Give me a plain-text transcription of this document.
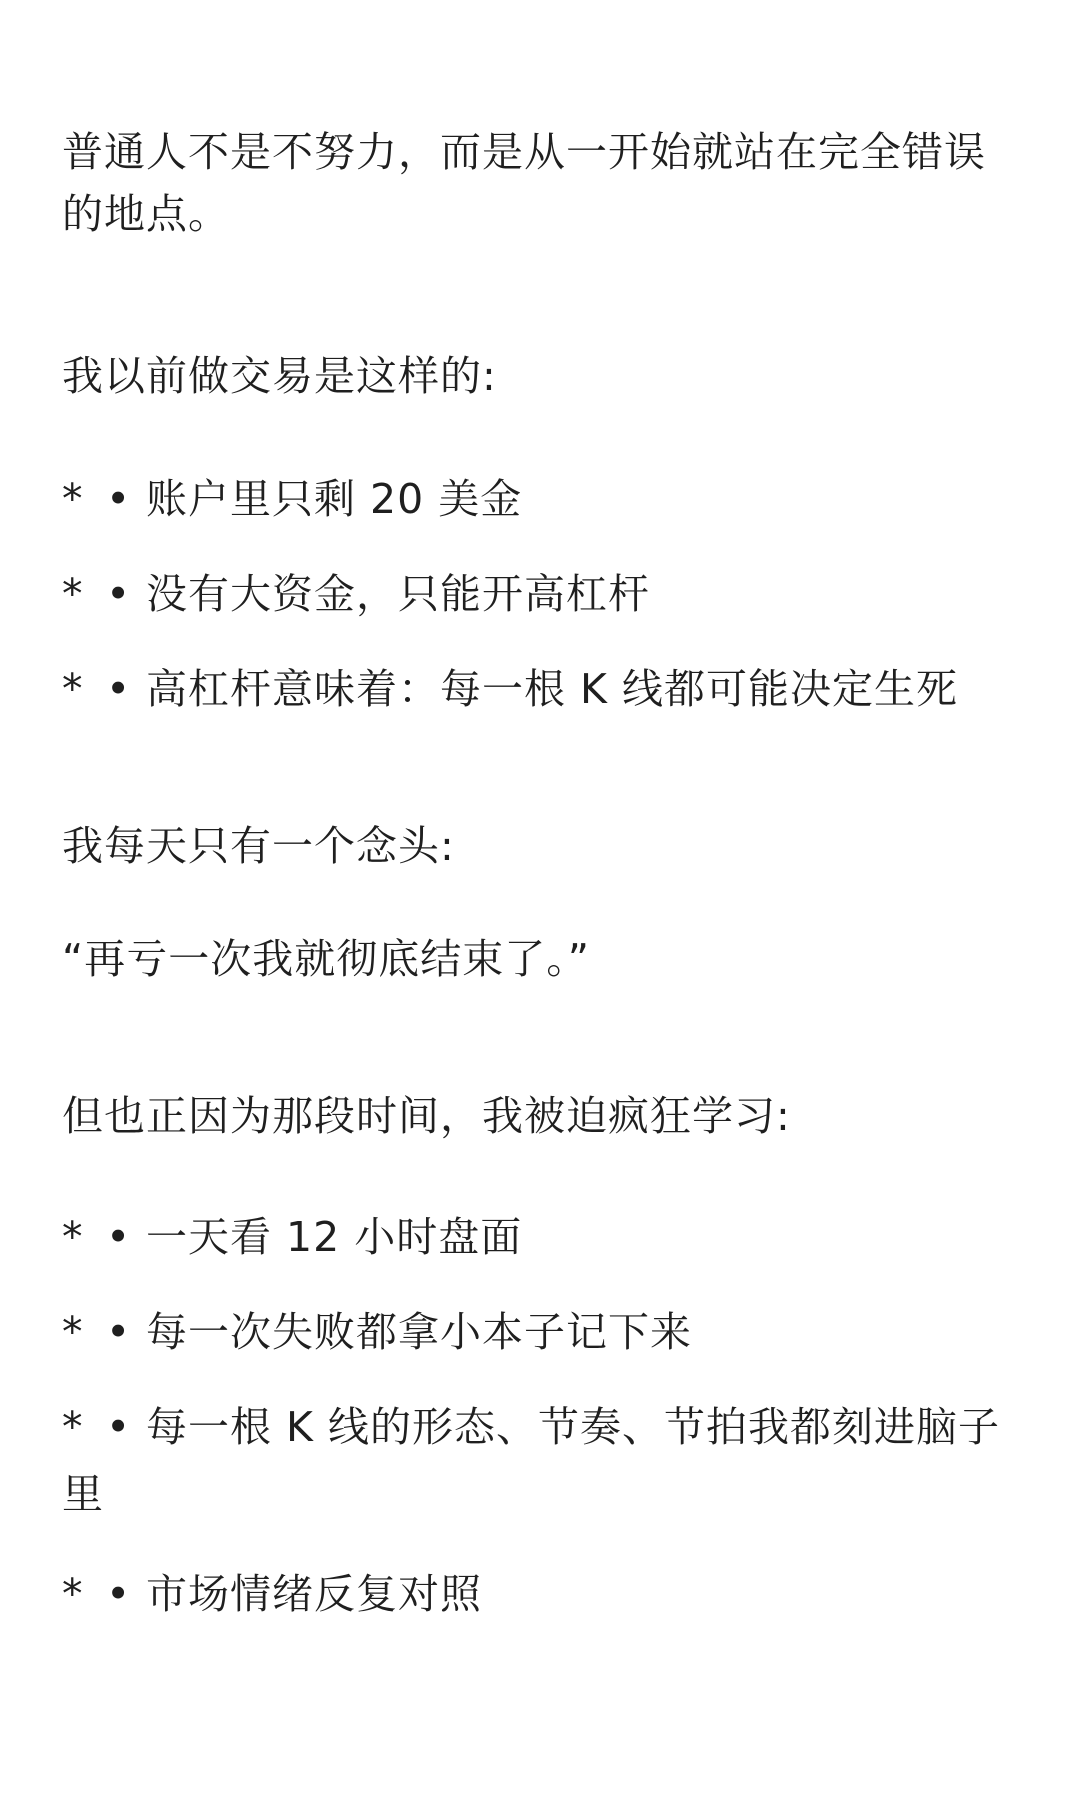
普通人不是不努力，而是从一开始就站在完全错误
的地点。
我以前做交易是这样的:
* • 账户里只剩 20 美金
* • 没有大资金，只能开高杠杆
* • 高杠杆意味着：每一根 K 线都可能决定生死
我每天只有一个念头:
“再亏一次我就彻底结束了。”
但也正因为那段时间，我被迫疯狂学习:
* • 一天看 12 小时盘面
* • 每一次失败都拿小本子记下来
* • 每一根 K 线的形态、节奏、节拍我都刻进脑子
里
* • 市场情绪反复对照
